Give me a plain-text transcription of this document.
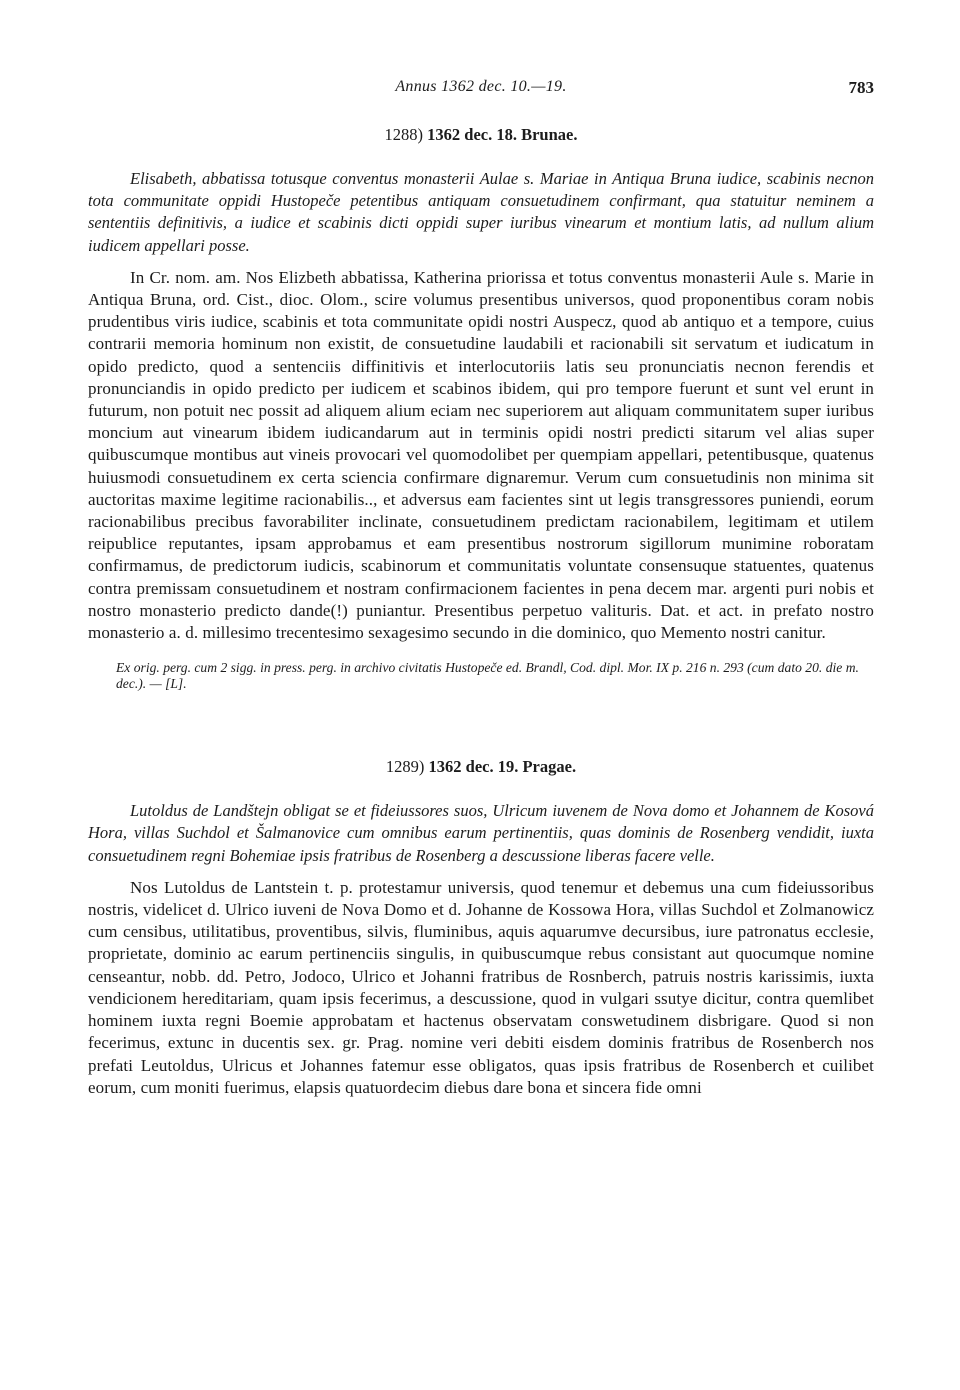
Annus 1362 dec. 10.—19.	783

1288) 1362 dec. 18. Brunae.

Elisabeth, abbatissa totusque conventus monasterii Aulae s. Mariae in Antiqua Bruna iudice, scabinis necnon tota communitate oppidi Hustopeče petentibus antiquam consuetudinem confirmant, qua statuitur neminem a sententiis definitivis, a iudice et scabinis dicti oppidi super iuribus vinearum et montium latis, ad nullum alium iudicem appellari posse.

In Cr. nom. am. Nos Elizbeth abbatissa, Katherina priorissa et totus conventus monasterii Aule s. Marie in Antiqua Bruna, ord. Cist., dioc. Olom., scire volumus presentibus universos, quod proponentibus coram nobis prudentibus viris iudice, scabinis et tota communitate opidi nostri Auspecz, quod ab antiquo et a tempore, cuius contrarii memoria hominum non existit, de consuetudine laudabili et racionabili sit servatum et iudicatum in opido predicto, quod a sentenciis diffinitivis et interlocutoriis latis seu pronunciatis necnon ferendis et pronunciandis in opido predicto per iudicem et scabinos ibidem, qui pro tempore fuerunt et sunt vel erunt in futurum, non potuit nec possit ad aliquem alium eciam nec superiorem aut aliquam communitatem super iuribus moncium aut vinearum ibidem iudicandarum aut in terminis opidi nostri predicti sitarum vel alias super quibuscumque montibus aut vineis provocari vel quomodolibet per quempiam appellari, petentibusque, quatenus huiusmodi consuetudinem ex certa sciencia confirmare dignaremur. Verum cum consuetudinis non minima sit auctoritas maxime legitime racionabilis.., et adversus eam facientes sint ut legis transgressores puniendi, eorum racionabilibus precibus favorabiliter inclinate, consuetudinem predictam racionabilem, legitimam et utilem reipublice reputantes, ipsam approbamus et eam presentibus nostrorum sigillorum munimine roboratam confirmamus, de predictorum iudicis, scabinorum et communitatis voluntate consensuque statuentes, quatenus contra premissam consuetudinem et nostram confirmacionem facientes in pena decem mar. argenti puri nobis et nostro monasterio predicto dande(!) puniantur. Presentibus perpetuo valituris. Dat. et act. in prefato nostro monasterio a. d. millesimo trecentesimo sexagesimo secundo in die dominico, quo Memento nostri canitur.

Ex orig. perg. cum 2 sigg. in press. perg. in archivo civitatis Hustopeče ed. Brandl, Cod. dipl. Mor. IX p. 216 n. 293 (cum dato 20. die m. dec.). — [L].

1289) 1362 dec. 19. Pragae.

Lutoldus de Landštejn obligat se et fideiussores suos, Ulricum iuvenem de Nova domo et Johannem de Kosová Hora, villas Suchdol et Šalmanovice cum omnibus earum pertinentiis, quas dominis de Rosenberg vendidit, iuxta consuetudinem regni Bohemiae ipsis fratribus de Rosenberg a descussione liberas facere velle.

Nos Lutoldus de Lantstein t. p. protestamur universis, quod tenemur et debemus una cum fideiussoribus nostris, videlicet d. Ulrico iuveni de Nova Domo et d. Johanne de Kossowa Hora, villas Suchdol et Zolmanowicz cum censibus, utilitatibus, proventibus, silvis, fluminibus, aquis aquarumve decursibus, iure patronatus ecclesie, proprietate, dominio ac earum pertinenciis singulis, in quibuscumque rebus consistant aut quocumque nomine censeantur, nobb. dd. Petro, Jodoco, Ulrico et Johanni fratribus de Rosnberch, patruis nostris karissimis, iuxta vendicionem hereditariam, quam ipsis fecerimus, a descussione, quod in vulgari ssutye dicitur, contra quemlibet hominem iuxta regni Boemie approbatam et hactenus observatam conswetudinem disbrigare. Quod si non fecerimus, extunc in ducentis sex. gr. Prag. nomine veri debiti eisdem dominis fratribus de Rosenberch nos prefati Leutoldus, Ulricus et Johannes fatemur esse obligatos, quas ipsis fratribus de Rosenberch et cuilibet eorum, cum moniti fuerimus, elapsis quatuordecim diebus dare bona et sincera fide omni
